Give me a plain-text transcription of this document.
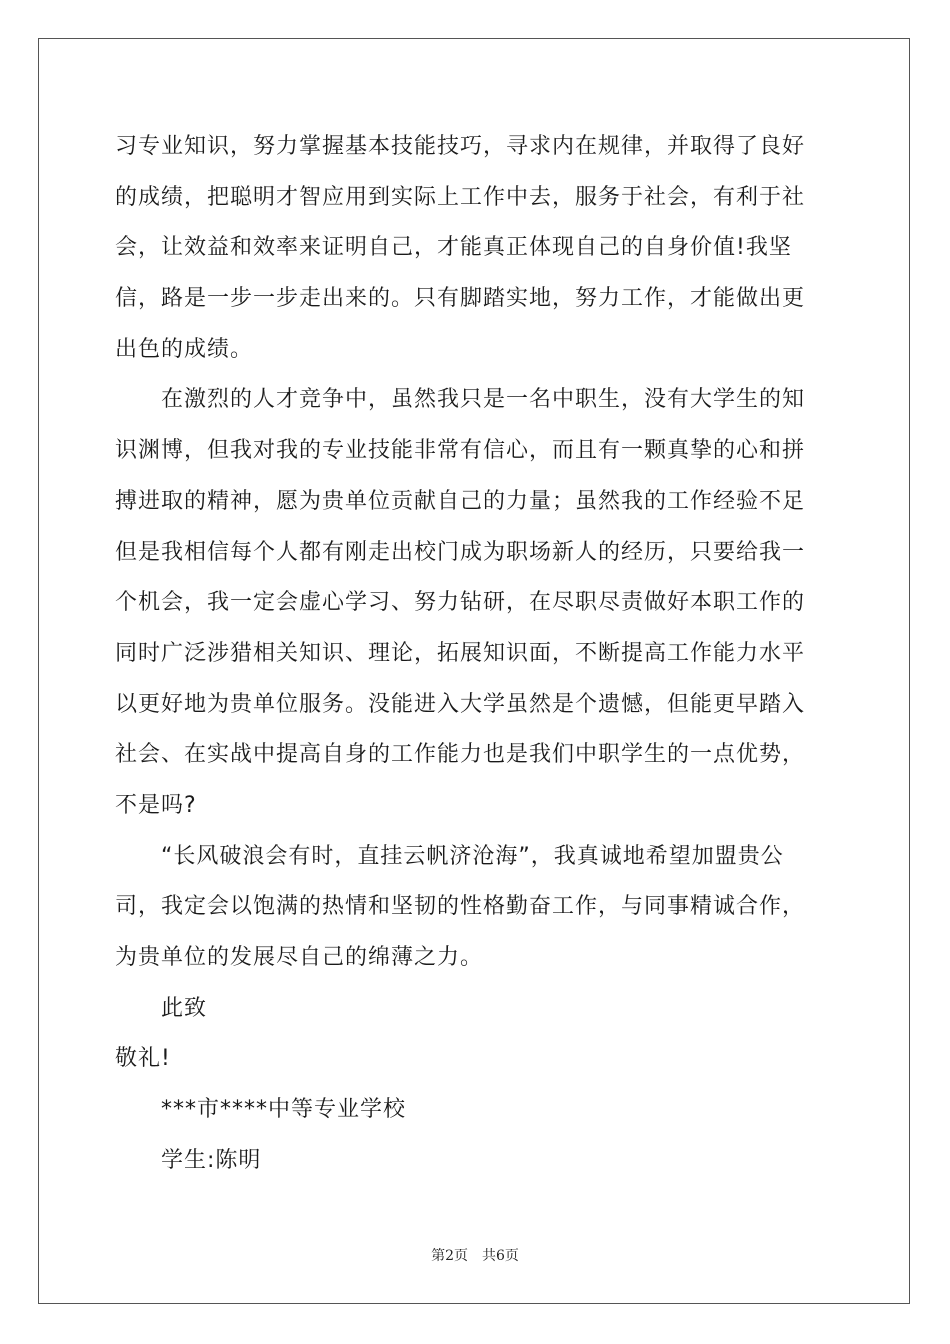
习专业知识，努力掌握基本技能技巧，寻求内在规律，并取得了良好
的成绩，把聪明才智应用到实际上工作中去，服务于社会，有利于社
会，让效益和效率来证明自己，才能真正体现自己的自身价值!我坚
信，路是一步一步走出来的。只有脚踏实地，努力工作，才能做出更
出色的成绩。
在激烈的人才竞争中，虽然我只是一名中职生，没有大学生的知
识渊博，但我对我的专业技能非常有信心，而且有一颗真挚的心和拼
搏进取的精神，愿为贵单位贡献自己的力量；虽然我的工作经验不足
但是我相信每个人都有刚走出校门成为职场新人的经历，只要给我一
个机会，我一定会虚心学习、努力钻研，在尽职尽责做好本职工作的
同时广泛涉猎相关知识、理论，拓展知识面，不断提高工作能力水平
以更好地为贵单位服务。没能进入大学虽然是个遗憾，但能更早踏入
社会、在实战中提高自身的工作能力也是我们中职学生的一点优势，
不是吗?
“长风破浪会有时，直挂云帆济沧海”，我真诚地希望加盟贵公
司，我定会以饱满的热情和坚韧的性格勤奋工作，与同事精诚合作，
为贵单位的发展尽自己的绵薄之力。
此致
敬礼!
***市****中等专业学校
学生:陈明
第2页　共6页
